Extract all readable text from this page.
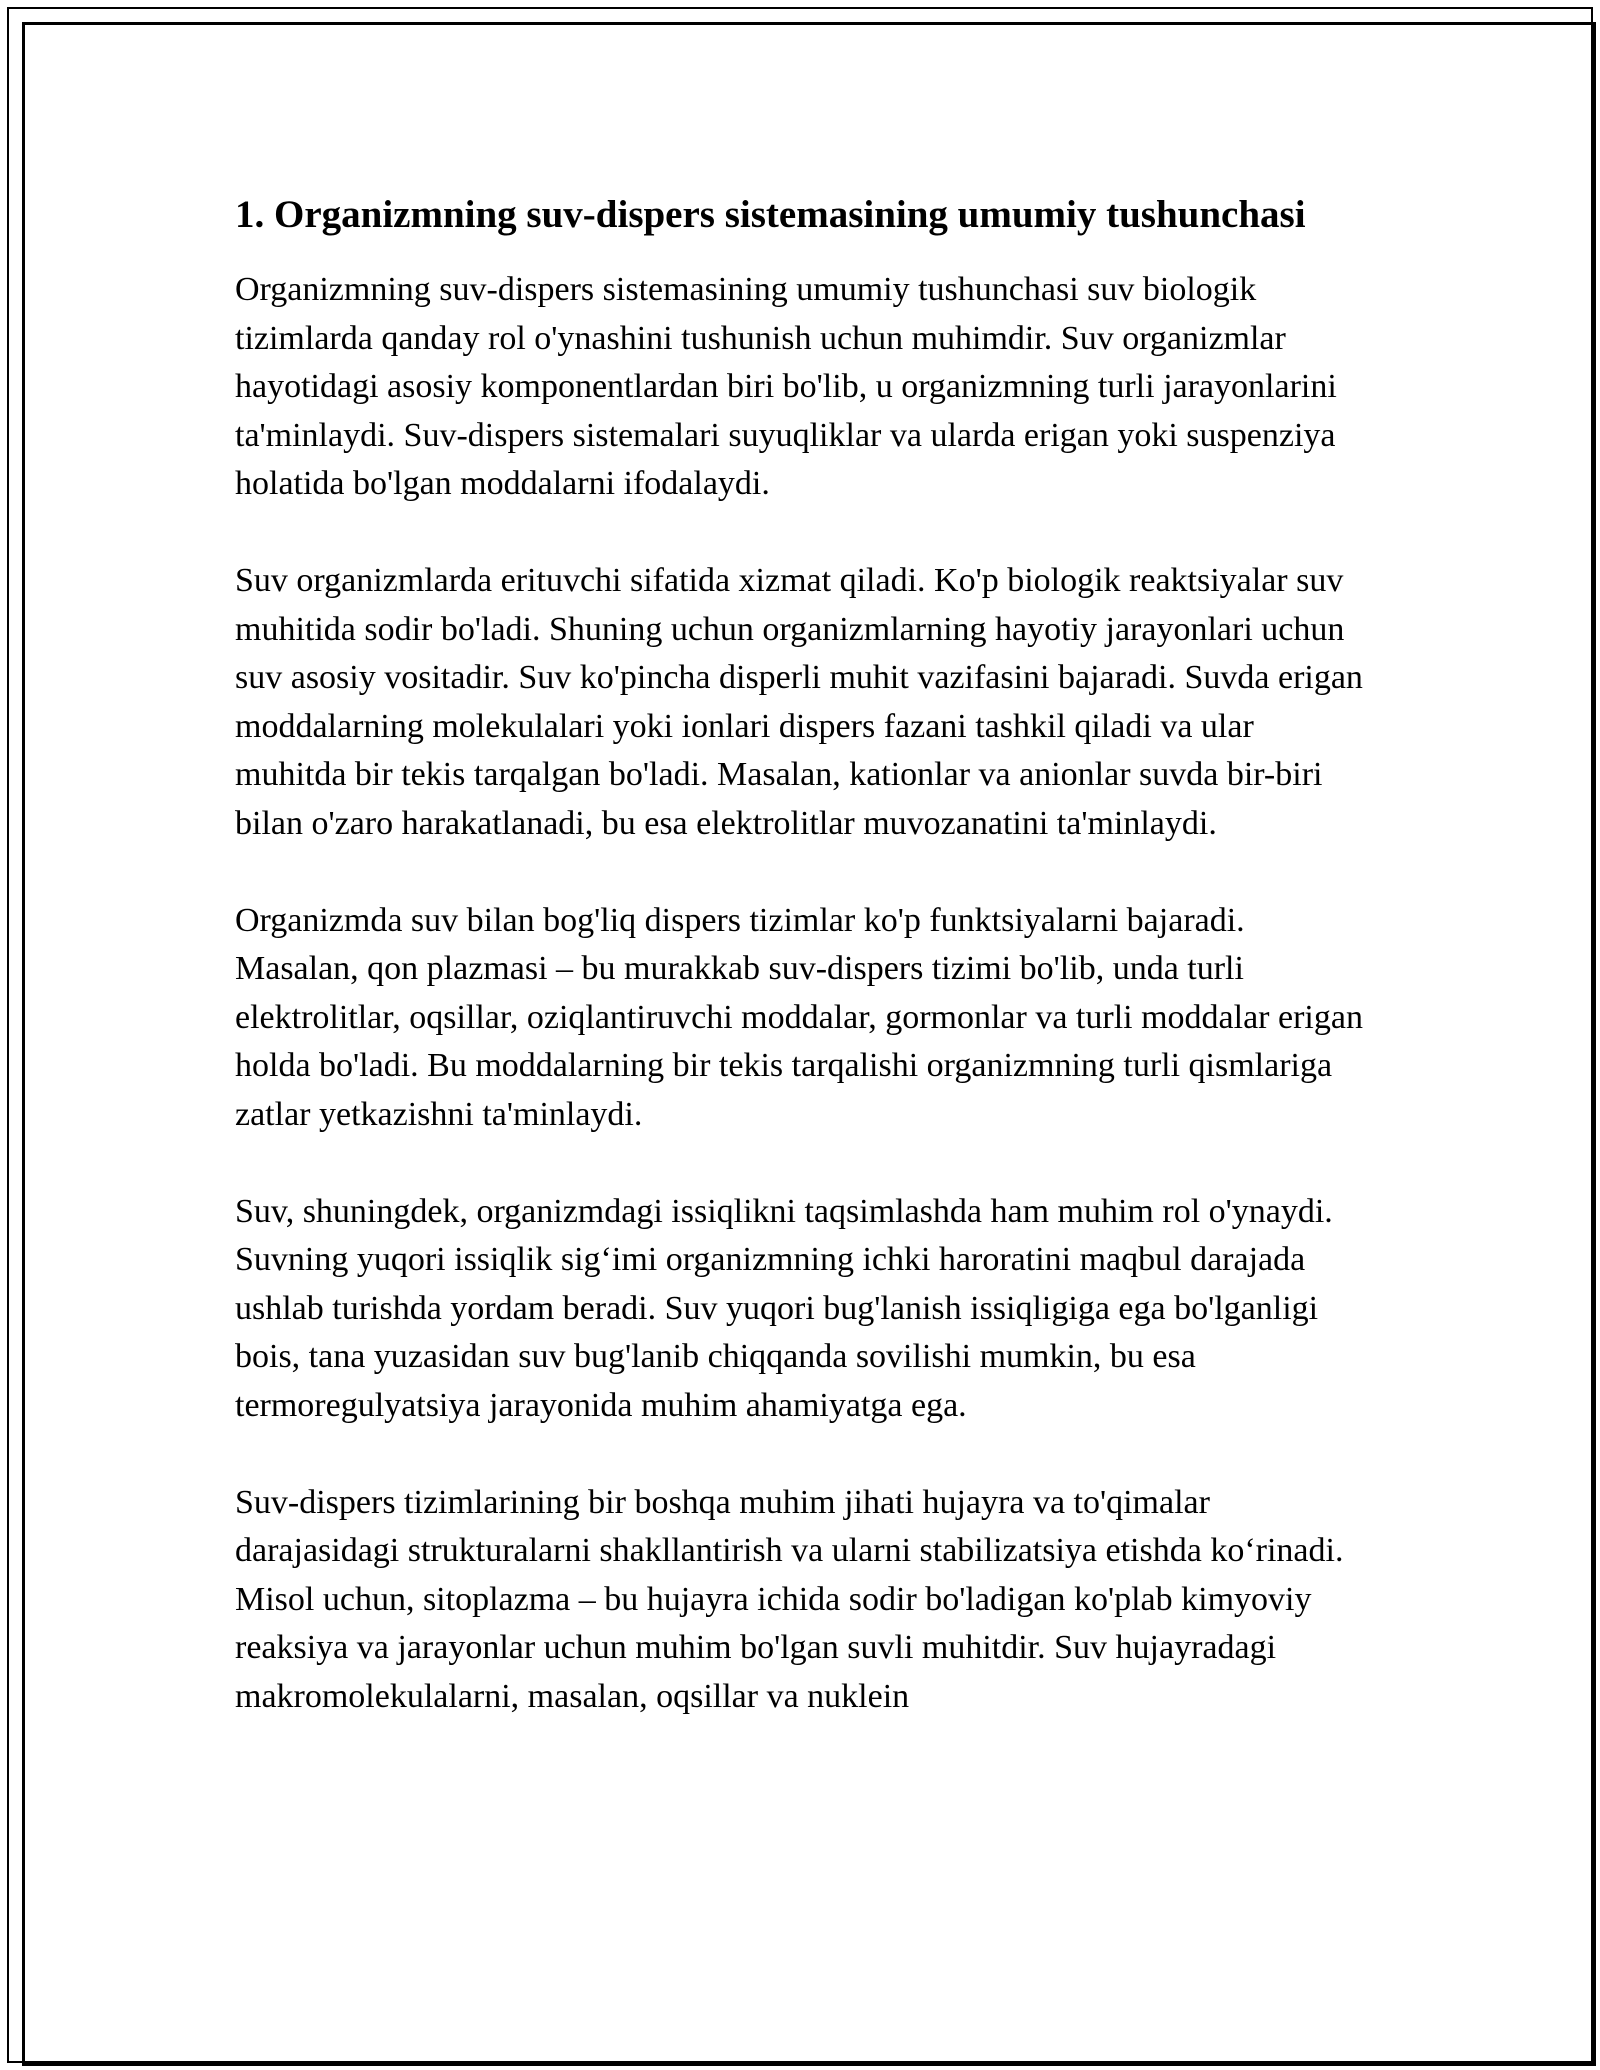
1. Organizmning suv-dispers sistemasining umumiy tushunchasi

Organizmning suv-dispers sistemasining umumiy tushunchasi suv biologik tizimlarda qanday rol o'ynashini tushunish uchun muhimdir. Suv organizmlar hayotidagi asosiy komponentlardan biri bo'lib, u organizmning turli jarayonlarini ta'minlaydi. Suv-dispers sistemalari suyuqliklar va ularda erigan yoki suspenziya holatida bo'lgan moddalarni ifodalaydi.

Suv organizmlarda erituvchi sifatida xizmat qiladi. Ko'p biologik reaktsiyalar suv muhitida sodir bo'ladi. Shuning uchun organizmlarning hayotiy jarayonlari uchun suv asosiy vositadir. Suv ko'pincha disperli muhit vazifasini bajaradi. Suvda erigan moddalarning molekulalari yoki ionlari dispers fazani tashkil qiladi va ular muhitda bir tekis tarqalgan bo'ladi. Masalan, kationlar va anionlar suvda bir-biri bilan o'zaro harakatlanadi, bu esa elektrolitlar muvozanatini ta'minlaydi.

Organizmda suv bilan bog'liq dispers tizimlar ko'p funktsiyalarni bajaradi. Masalan, qon plazmasi – bu murakkab suv-dispers tizimi bo'lib, unda turli elektrolitlar, oqsillar, oziqlantiruvchi moddalar, gormonlar va turli moddalar erigan holda bo'ladi. Bu moddalarning bir tekis tarqalishi organizmning turli qismlariga zatlar yetkazishni ta'minlaydi.

Suv, shuningdek, organizmdagi issiqlikni taqsimlashda ham muhim rol o'ynaydi. Suvning yuqori issiqlik sig‘imi organizmning ichki haroratini maqbul darajada ushlab turishda yordam beradi. Suv yuqori bug'lanish issiqligiga ega bo'lganligi bois, tana yuzasidan suv bug'lanib chiqqanda sovilishi mumkin, bu esa termoregulyatsiya jarayonida muhim ahamiyatga ega.

Suv-dispers tizimlarining bir boshqa muhim jihati hujayra va to'qimalar darajasidagi strukturalarni shakllantirish va ularni stabilizatsiya etishda ko‘rinadi. Misol uchun, sitoplazma – bu hujayra ichida sodir bo'ladigan ko'plab kimyoviy reaksiya va jarayonlar uchun muhim bo'lgan suvli muhitdir. Suv hujayradagi makromolekulalarni, masalan, oqsillar va nuklein
